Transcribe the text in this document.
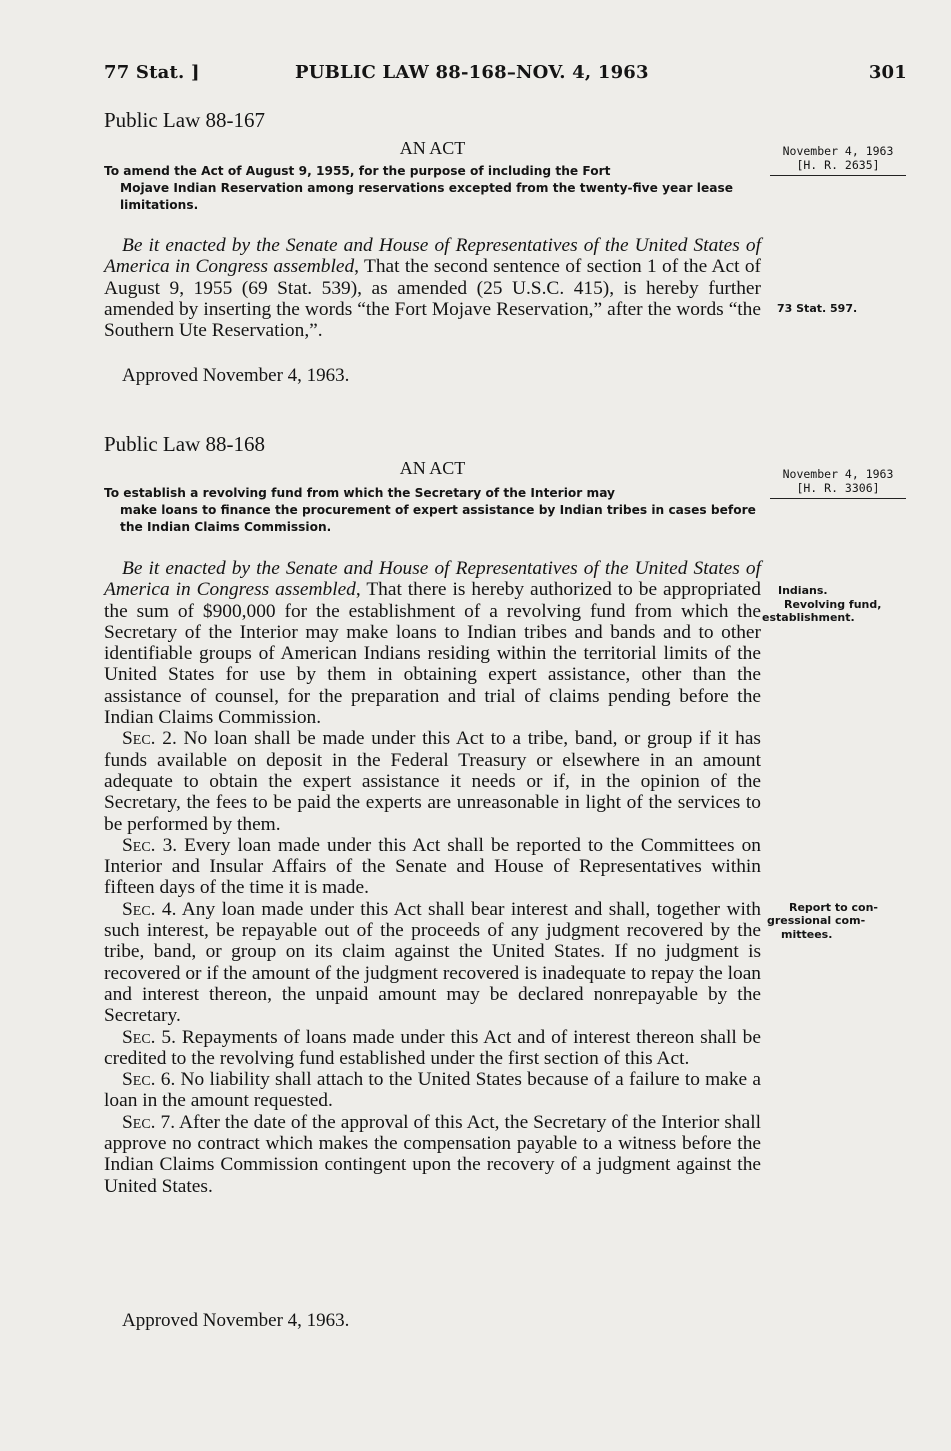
77 Stat. ]	PUBLIC LAW 88-168–NOV. 4, 1963	301
Public Law 88-167
AN ACT	November 4, 1963
[H. R. 2635]
To amend the Act of August 9, 1955, for the purpose of including the Fort
Mojave Indian Reservation among reservations excepted from the twenty-five year lease limitations.

Be it enacted by the Senate and House of Representatives of the United States of America in Congress assembled, That the second sentence of section 1 of the Act of August 9, 1955 (69 Stat. 539), as amended (25 U.S.C. 415), is hereby further amended by inserting the words “the Fort Mojave Reservation,” after the words “the Southern Ute Reservation,”.

73 Stat. 597.
Approved November 4, 1963.
Public Law 88-168
AN ACT	November 4, 1963
[H. R. 3306]
To establish a revolving fund from which the Secretary of the Interior may
make loans to finance the procurement of expert assistance by Indian tribes in cases before the Indian Claims Commission.

Be it enacted by the Senate and House of Representatives of the United States of America in Congress assembled, That there is hereby authorized to be appropriated the sum of $900,000 for the establishment of a revolving fund from which the Secretary of the Interior may make loans to Indian tribes and bands and to other identifiable groups of American Indians residing within the territorial limits of the United States for use by them in obtaining expert assistance, other than the assistance of counsel, for the preparation and trial of claims pending before the Indian Claims Commission.

Sec. 2. No loan shall be made under this Act to a tribe, band, or group if it has funds available on deposit in the Federal Treasury or elsewhere in an amount adequate to obtain the expert assistance it needs or if, in the opinion of the Secretary, the fees to be paid the experts are unreasonable in light of the services to be performed by them.

Sec. 3. Every loan made under this Act shall be reported to the Committees on Interior and Insular Affairs of the Senate and House of Representatives within fifteen days of the time it is made.

Sec. 4. Any loan made under this Act shall bear interest and shall, together with such interest, be repayable out of the proceeds of any judgment recovered by the tribe, band, or group on its claim against the United States. If no judgment is recovered or if the amount of the judgment recovered is inadequate to repay the loan and interest thereon, the unpaid amount may be declared nonrepayable by the Secretary.

Sec. 5. Repayments of loans made under this Act and of interest thereon shall be credited to the revolving fund established under the first section of this Act.

Sec. 6. No liability shall attach to the United States because of a failure to make a loan in the amount requested.

Sec. 7. After the date of the approval of this Act, the Secretary of the Interior shall approve no contract which makes the compensation payable to a witness before the Indian Claims Commission contingent upon the recovery of a judgment against the United States.

Indians.
Revolving fund,
establishment.
Report to con-
gressional com-
mittees.
Approved November 4, 1963.
